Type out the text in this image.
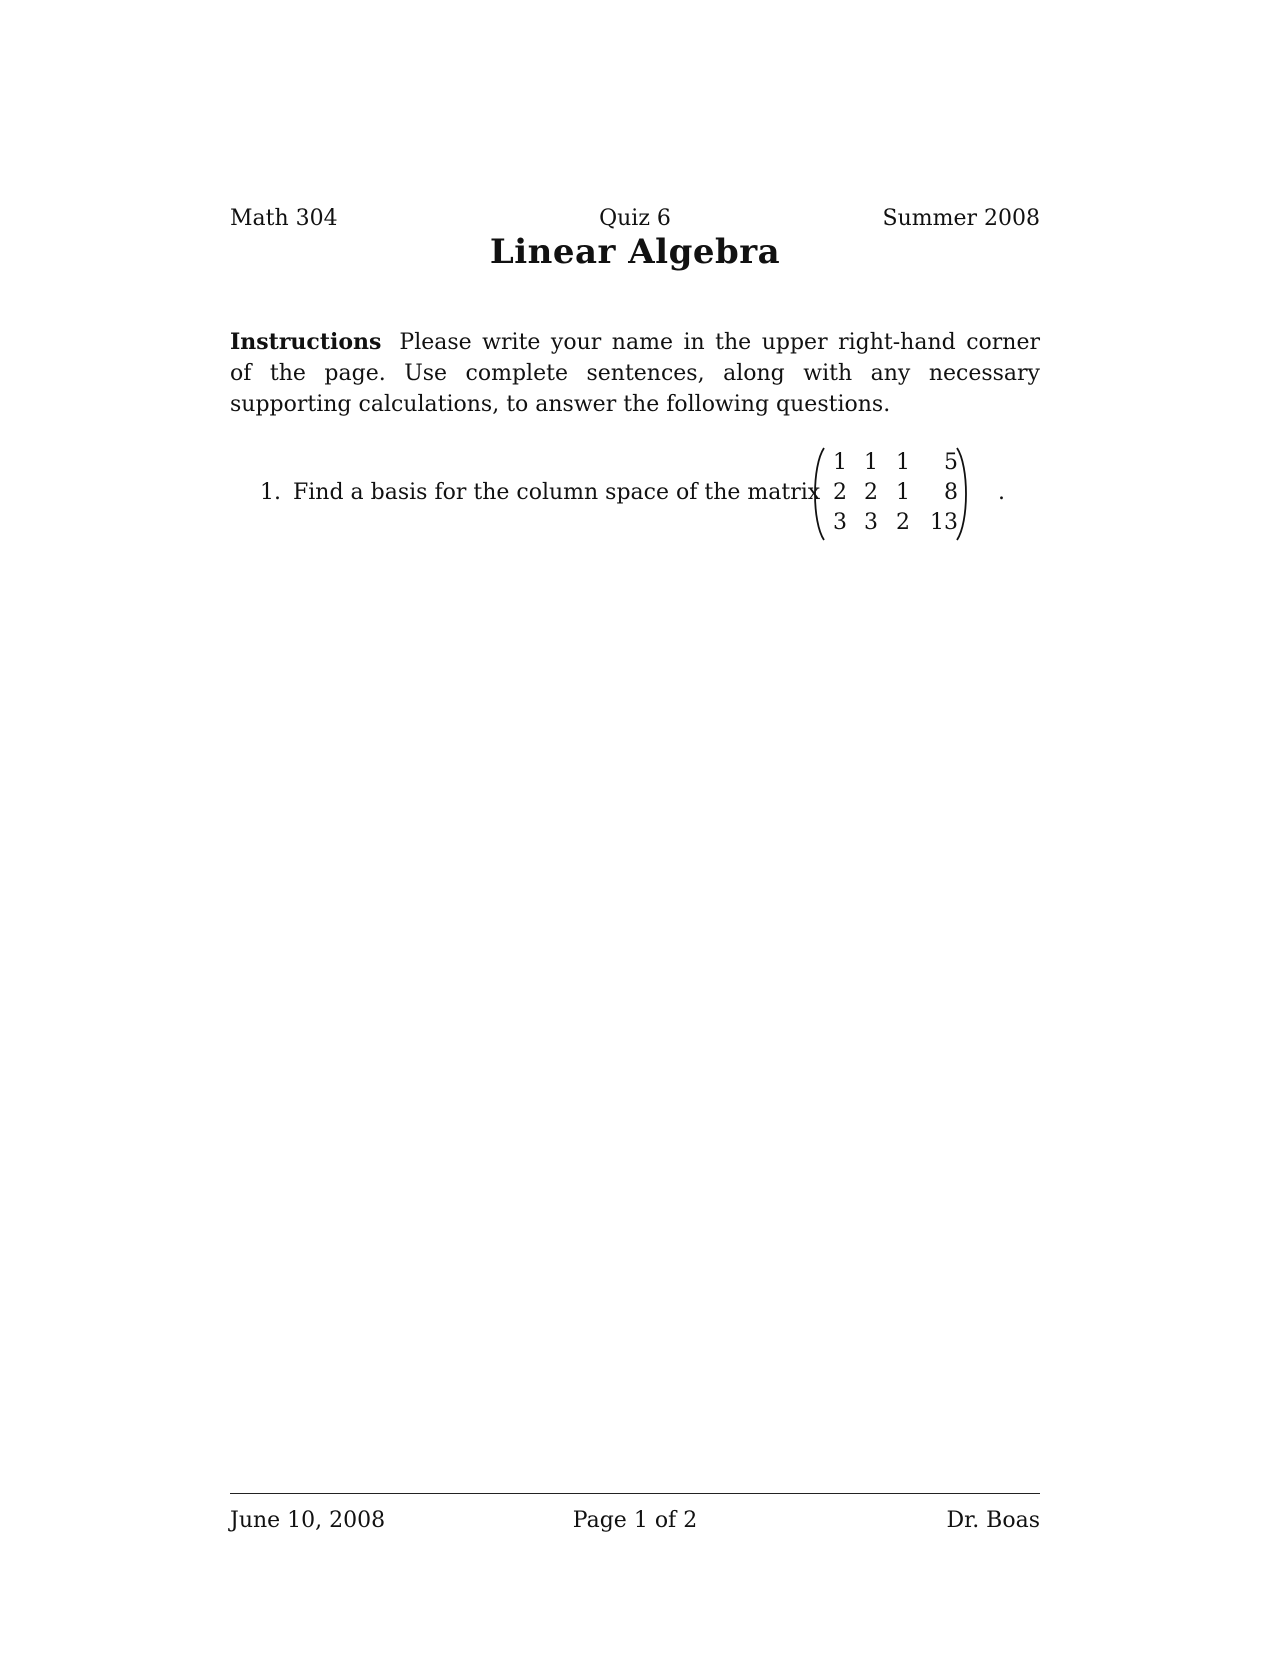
Math 304	Quiz 6	Summer 2008
Linear Algebra
Instructions Please write your name in the upper right-hand corner of the page. Use complete sentences, along with any necessary supporting calculations, to answer the following questions.
1. Find a basis for the column space of the matrix
1 1 1	5
2 2 1	8
3 3 2 13
.
June 10, 2008	Page 1 of 2	Dr. Boas
